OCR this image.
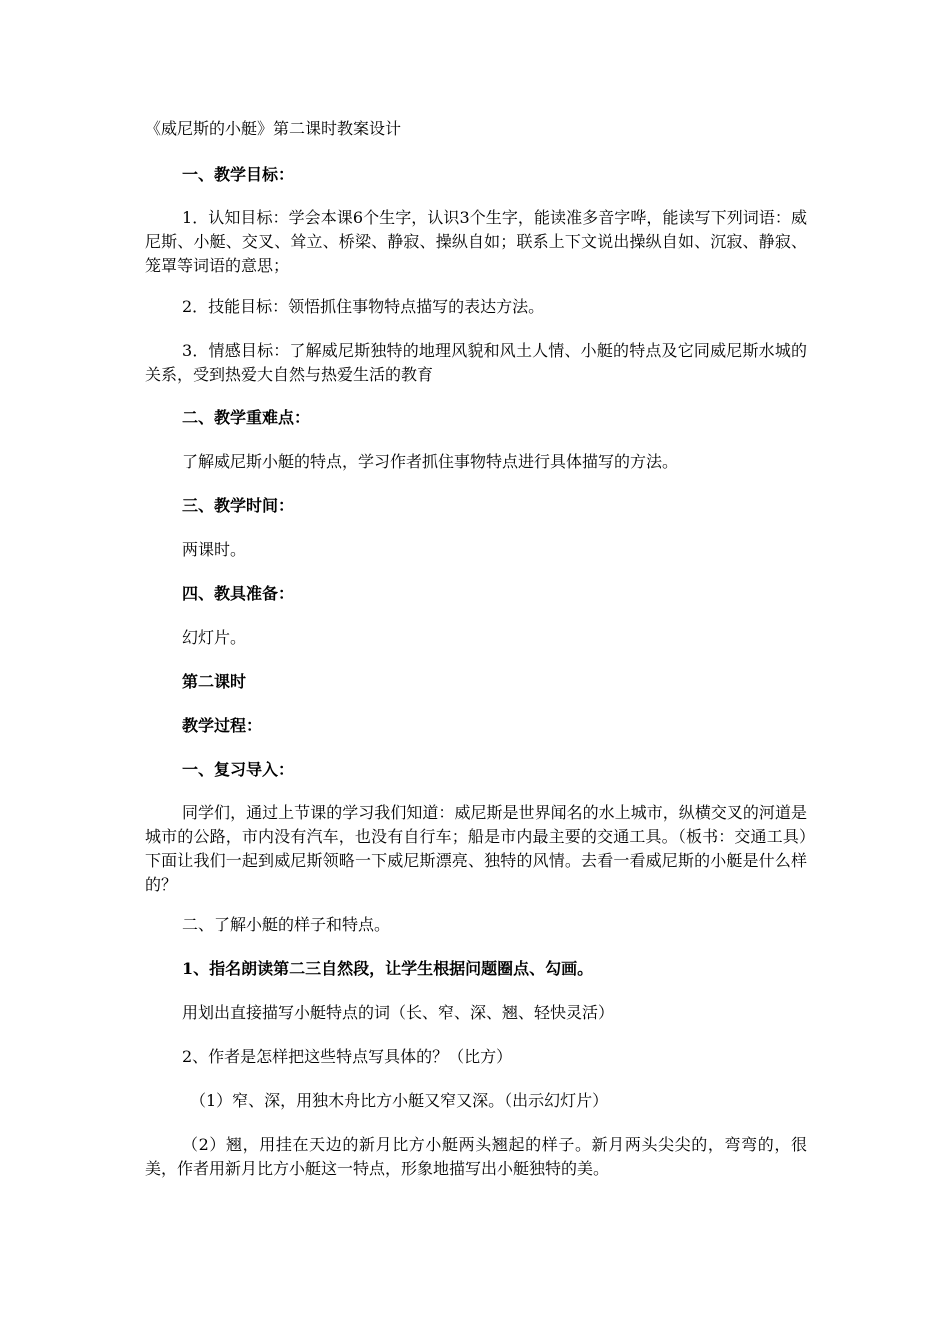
《威尼斯的小艇》第二课时教案设计
一、教学目标：
1．认知目标：学会本课6个生字，认识3个生字，能读准多音字哗，能读写下列词语：威尼斯、小艇、交叉、耸立、桥梁、静寂、操纵自如；联系上下文说出操纵自如、沉寂、静寂、笼罩等词语的意思；
2．技能目标：领悟抓住事物特点描写的表达方法。
3．情感目标：了解威尼斯独特的地理风貌和风土人情、小艇的特点及它同威尼斯水城的关系，受到热爱大自然与热爱生活的教育
二、教学重难点：
了解威尼斯小艇的特点，学习作者抓住事物特点进行具体描写的方法。
三、教学时间：
两课时。
四、教具准备：
幻灯片。
第二课时
教学过程：
一、复习导入：
同学们，通过上节课的学习我们知道：威尼斯是世界闻名的水上城市，纵横交叉的河道是城市的公路，市内没有汽车，也没有自行车；船是市内最主要的交通工具。（板书：交通工具）下面让我们一起到威尼斯领略一下威尼斯漂亮、独特的风情。去看一看威尼斯的小艇是什么样的？
二、了解小艇的样子和特点。
1、指名朗读第二三自然段，让学生根据问题圈点、勾画。
用划出直接描写小艇特点的词（长、窄、深、翘、轻快灵活）
2、作者是怎样把这些特点写具体的？（比方）
（1）窄、深，用独木舟比方小艇又窄又深。（出示幻灯片）
（2）翘，用挂在天边的新月比方小艇两头翘起的样子。新月两头尖尖的，弯弯的，很美，作者用新月比方小艇这一特点，形象地描写出小艇独特的美。
